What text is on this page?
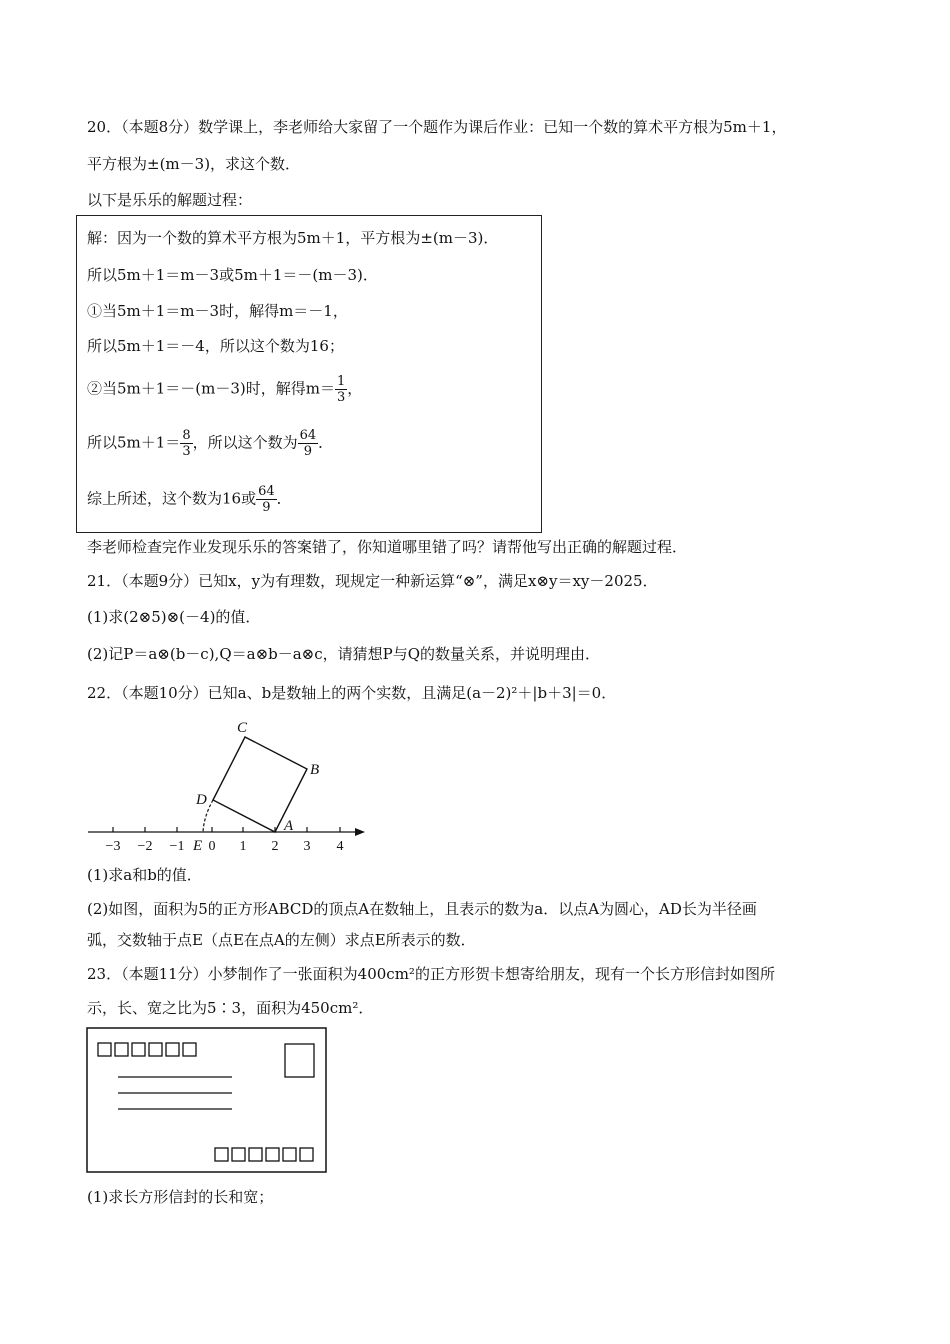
20．（本题8分）数学课上，李老师给大家留了一个题作为课后作业：已知一个数的算术平方根为5m＋1，
平方根为±(m－3)，求这个数．
以下是乐乐的解题过程：
解：因为一个数的算术平方根为5m＋1，平方根为±(m－3)．
所以5m＋1＝m－3或5m＋1＝－(m－3)．
①当5m＋1＝m－3时，解得m＝－1，
所以5m＋1＝－4，所以这个数为16；
②当5m＋1＝－(m－3)时，解得$m= \frac{1}{3}$ ，
所以$5m+1= \frac{8}{3}$ ，所以这个数为 $\frac{64}{9}$ ．
综上所述，这个数为16或 $\frac{64}{9}$ ．
李老师检查完作业发现乐乐的答案错了，你知道哪里错了吗？请帮他写出正确的解题过程．
21．（本题9分）已知x，y为有理数，现规定一种新运算“⊗”，满足x⊗y＝xy－2025．
(1)求(2⊗5)⊗(－4)的值．
(2)记P＝a⊗(b－c),Q＝a⊗b－a⊗c，请猜想P与Q的数量关系，并说明理由．
22．（本题10分）已知a、b是数轴上的两个实数，且满足(a－2)²＋|b＋3|＝0．
−3 −2 −1 0 1 2 3 4
C
B
D
A
E
(1)求a和b的值．
(2)如图，面积为5的正方形ABCD的顶点A在数轴上，且表示的数为a．以点A为圆心，AD长为半径画
弧，交数轴于点E（点E在点A的左侧）求点E所表示的数．
23．（本题11分）小梦制作了一张面积为400cm²的正方形贺卡想寄给朋友，现有一个长方形信封如图所
示，长、宽之比为5∶3，面积为450cm²．
(1)求长方形信封的长和宽；
